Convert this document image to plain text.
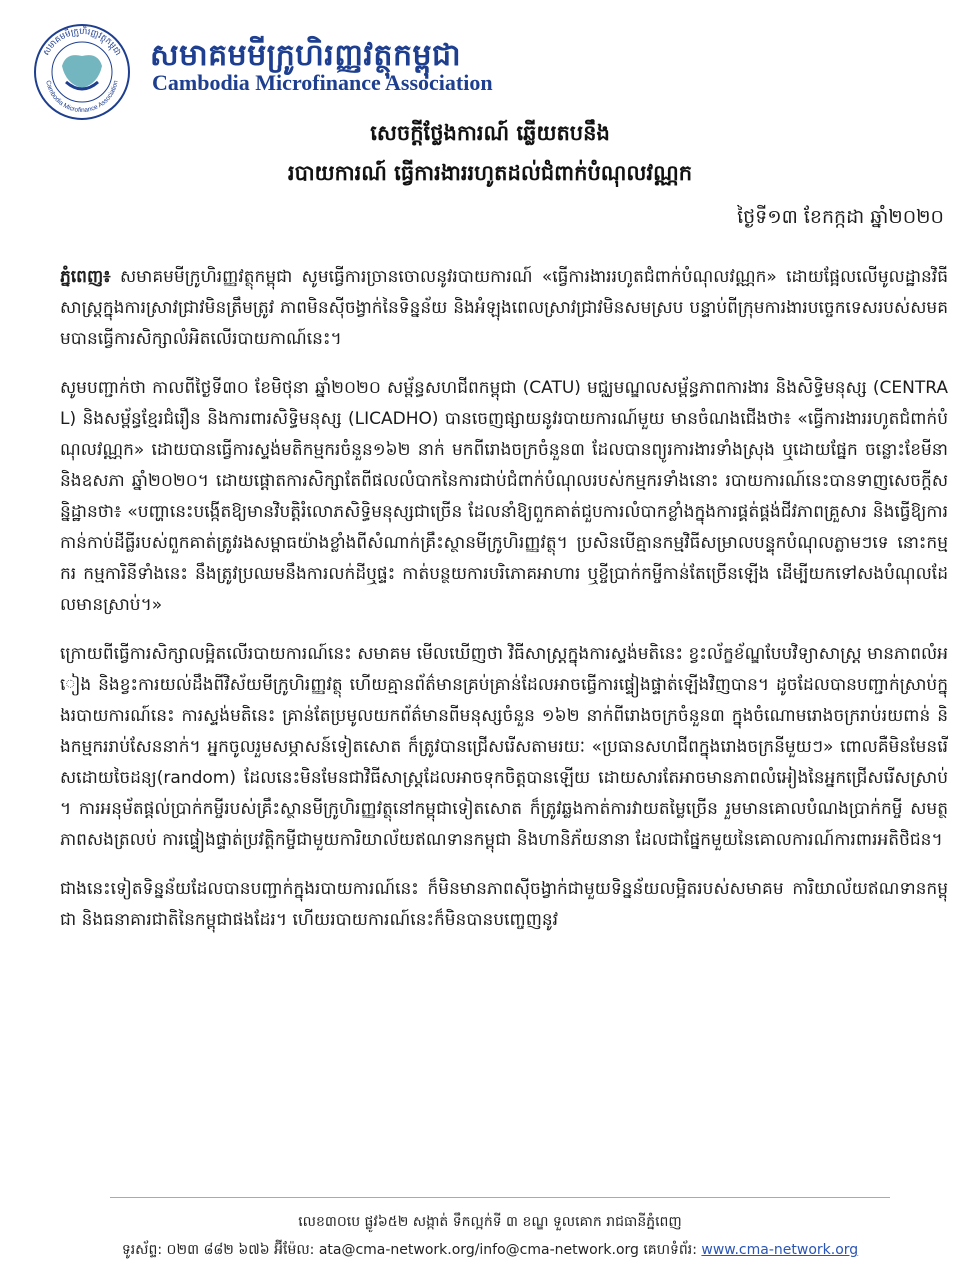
សមាគមមីក្រូហិរញ្ញវត្ថុកម្ពុជា
Cambodia Microfinance Association
សមាគមមីក្រូហិរញ្ញវត្ថុកម្ពុជា
Cambodia Microfinance Association
សេចក្តីថ្លែងការណ៍ ឆ្លើយតបនឹង
របាយការណ៍ ធ្វើការងាររហូតដល់ជំពាក់បំណុលវណ្ណក
ថ្ងៃទី១៣ ខែកក្កដា ឆ្នាំ២០២០

ភ្នំពេញ៖ សមាគមមីក្រូហិរញ្ញវត្ថុកម្ពុជា សូមធ្វើការច្រានចោលនូវរបាយការណ៍ «ធ្វើការងាររហូតជំពាក់បំណុលវណ្ណក» ដោយផ្អែលលើមូលដ្ឋានវិធីសាស្រ្តក្នុងការស្រាវជ្រាវមិនត្រឹមត្រូវ ភាពមិនស៊ីចង្វាក់នៃទិន្នន័យ និងអំឡុងពេលស្រាវជ្រាវមិនសមស្រប បន្ទាប់ពីក្រុមការងារបច្ចេកទេសរបស់សមគមបានធ្វើការសិក្សាលំអិតលើរបាយកាណ៍នេះ។

សូមបញ្ជាក់ថា កាលពីថ្ងៃទី៣០ ខែមិថុនា ឆ្នាំ២០២០ សម្ព័ន្ធសហជីពកម្ពុជា (CATU) មជ្ឈមណ្ឌលសម្ព័ន្ធភាពការងារ និងសិទ្ធិមនុស្ស (CENTRAL) និងសម្ព័ន្ធខ្មែរជំរឿន និងការពារសិទ្ធិមនុស្ស (LICADHO) បានចេញផ្សាយនូវរបាយការណ៍មួយ មានចំណងជើងថា៖ «ធ្វើការងាររហូតជំពាក់បំណុលវណ្ណក» ដោយបានធ្វើការស្ទង់មតិកម្មករចំនួន១៦២ នាក់ មកពីរោងចក្រចំនួន៣ ដែលបានព្យូរការងារទាំងស្រុង ឬដោយផ្នែក ចន្លោះខែមីនា និងឧសភា ឆ្នាំ២០២០។ ដោយផ្តោតការសិក្សាតែពីផលលំបាកនៃការជាប់ជំពាក់បំណុលរបស់កម្មករទាំងនោះ របាយការណ៍នេះបានទាញសេចក្តីសន្និដ្ឋានថា៖ «បញ្ហានេះបង្កើតឱ្យមានវិបត្តិរំលោភសិទ្ធិមនុស្សជាច្រើន ដែលនាំឱ្យពួកគាត់ជួបការលំបាកខ្លាំងក្នុងការផ្គត់ផ្គង់ជីវភាពគ្រួសារ និងធ្វើឱ្យការកាន់កាប់ដីធ្លីរបស់ពួកគាត់ត្រូវរងសម្ពាធយ៉ាងខ្លាំងពីសំណាក់គ្រឹះស្ថានមីក្រូហិរញ្ញវត្ថុ។ ប្រសិនបើគ្មានកម្មវិធីសម្រាលបន្ទុកបំណុលភ្លាមៗទេ នោះកម្មករ កម្មការិនីទាំងនេះ នឹងត្រូវប្រឈមនឹងការលក់ដីឬផ្ទះ កាត់បន្ថយការបរិភោគអាហារ ឬខ្ចីប្រាក់កម្ចីកាន់តែច្រើនឡើង ដើម្បីយកទៅសងបំណុលដែលមានស្រាប់។»

ក្រោយពីធ្វើការសិក្សាលម្អិតលើរបាយការណ៍នេះ សមាគម មើលឃើញថា វិធីសាស្ត្រក្នុងការស្ទង់មតិនេះ ខ្វះល័ក្ខខ័ណ្ឌបែបវិទ្យាសាស្ត្រ មានភាពលំអៀង និងខ្វះការយល់ដឹងពីវិស័យមីក្រូហិរញ្ញវត្ថុ ហើយគ្មានព័ត៌មានគ្រប់គ្រាន់ដែលអាចធ្វើការផ្ទៀងផ្ទាត់ឡើងវិញបាន។ ដូចដែលបានបញ្ជាក់ស្រាប់ក្នុងរបាយការណ៍នេះ ការស្ទង់មតិនេះ គ្រាន់តែប្រមូលយកព័ត៌មានពីមនុស្សចំនួន ១៦២ នាក់ពីរោងចក្រចំនួន៣ ក្នុងចំណោមរោងចក្ររាប់រយពាន់ និងកម្មកររាប់សែននាក់។ អ្នកចូលរួមសម្ភាសន៍ទៀតសោត ក៏ត្រូវបានជ្រើសរើសតាមរយៈ «ប្រធានសហជីពក្នុងរោងចក្រនីមួយៗ» ពោលគឺមិនមែនរើសដោយចៃដន្យ(random) ដែលនេះមិនមែនជាវិធីសាស្រ្តដែលអាចទុកចិត្តបានឡើយ ដោយសារតែអាចមានភាពលំអៀងនៃអ្នកជ្រើសរើសស្រាប់។ ការអនុម័តផ្តល់ប្រាក់កម្ចីរបស់គ្រឹះស្ថានមីក្រូហិរញ្ញវត្ថុនៅកម្ពុជាទៀតសោត ក៏ត្រូវឆ្លងកាត់ការវាយតម្លៃច្រើន រួមមានគោលបំណងប្រាក់កម្ចី សមត្ថភាពសងត្រលប់ ការផ្ទៀងផ្ទាត់ប្រវត្តិកម្ចីជាមួយការិយាល័យឥណទានកម្ពុជា និងហានិភ័យនានា ដែលជាផ្នែកមួយនៃគោលការណ៍ការពារអតិថិជន។

ជាងនេះទៀតទិន្នន័យដែលបានបញ្ជាក់ក្នុងរបាយការណ៍នេះ ក៏មិនមានភាពស៊ីចង្វាក់ជាមួយទិន្នន័យលម្អិតរបស់សមាគម ការិយាល័យឥណទានកម្ពុជា និងធនាគារជាតិនៃកម្ពុជាផងដែរ។ ហើយរបាយការណ៍នេះក៏មិនបានបញ្ចេញនូវ

លេខ៣០បេ ផ្លូវ៦៥២ សង្កាត់ ទឹកល្អក់ទី ៣ ខណ្ឌ ទួលគោក រាជធានីភ្នំពេញ
ទូរស័ព្ទ: ០២៣ ៨៨២ ៦៧៦ អ៊ីម៉ែល: ata@cma-network.org/info@cma-network.org គេហទំព័រ: www.cma-network.org
